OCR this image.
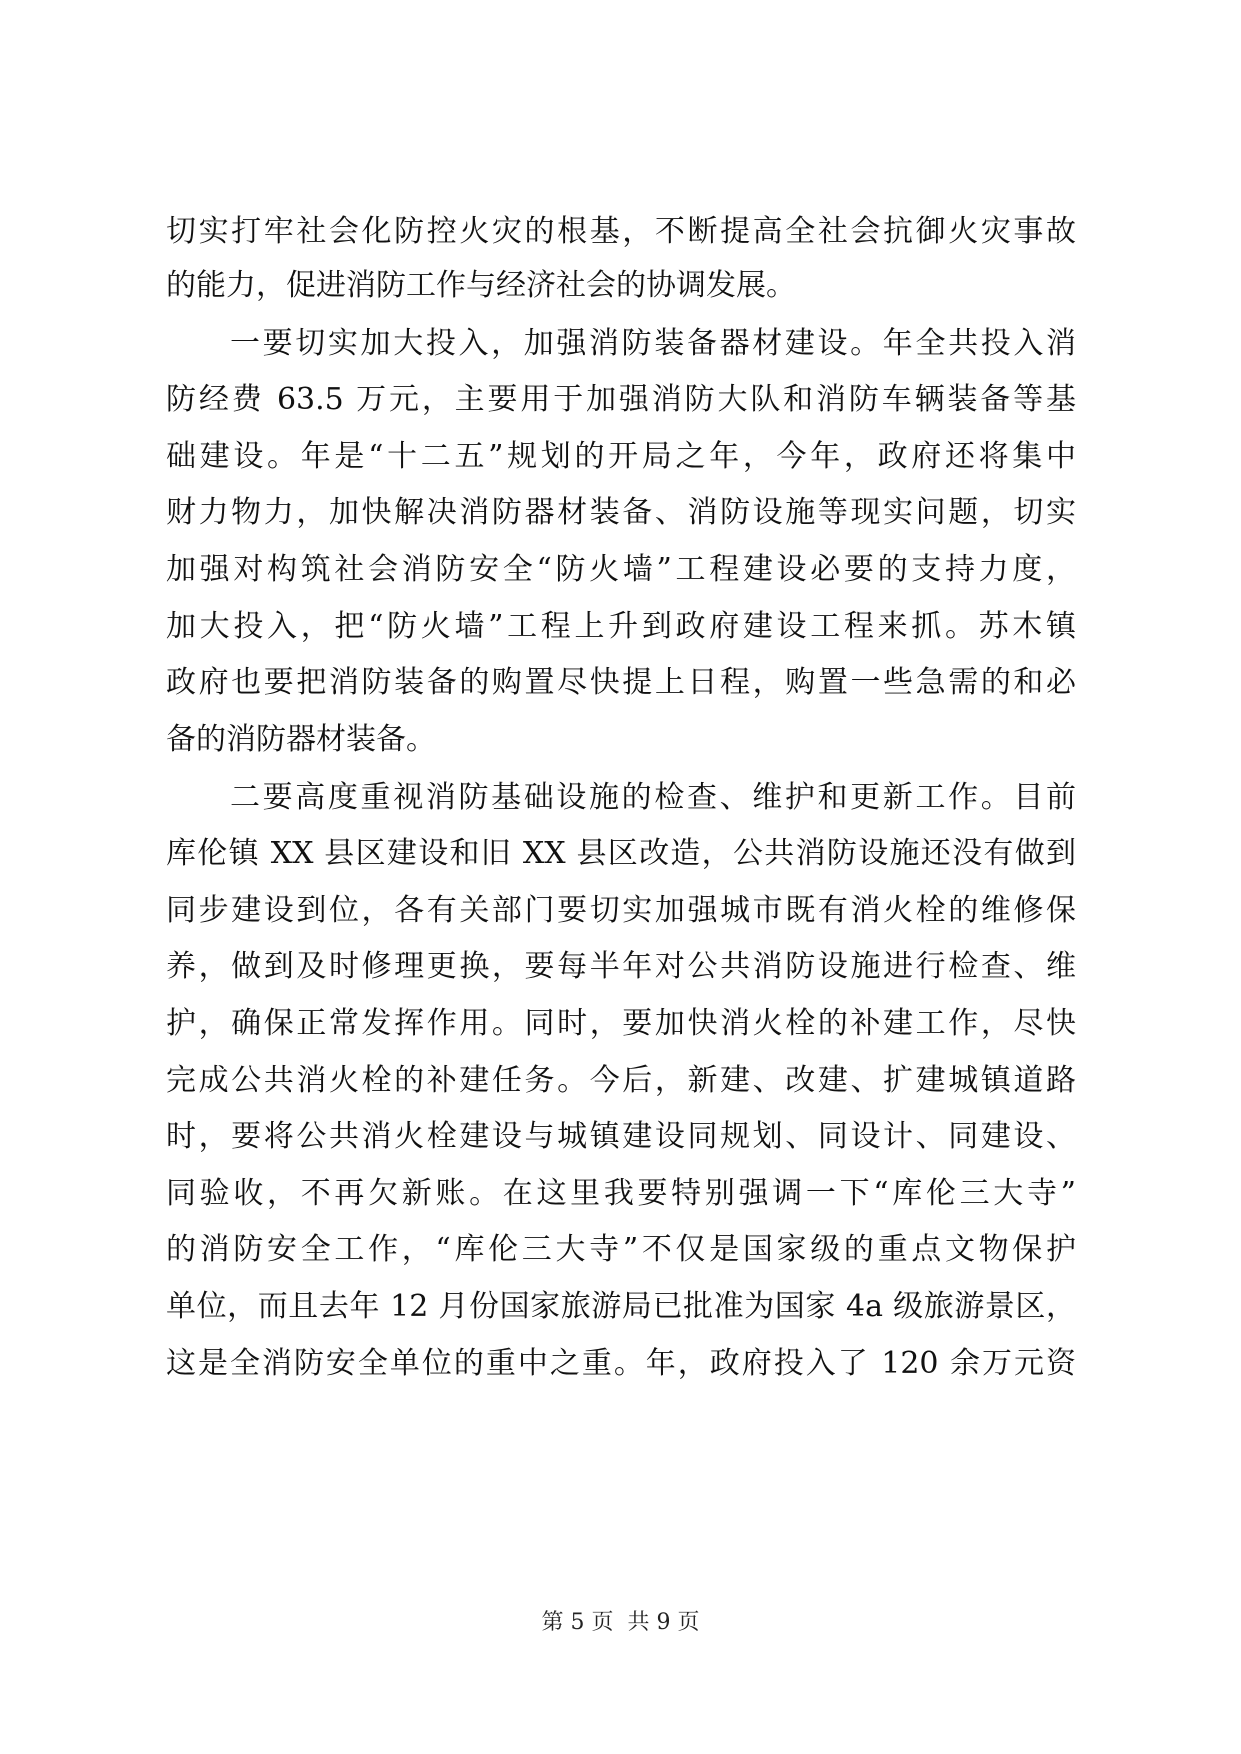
切实打牢社会化防控火灾的根基，不断提高全社会抗御火灾事故
的能力，促进消防工作与经济社会的协调发展。
一要切实加大投入，加强消防装备器材建设。年全共投入消
防经费 63.5 万元，主要用于加强消防大队和消防车辆装备等基
础建设。年是“十二五”规划的开局之年，今年，政府还将集中
财力物力，加快解决消防器材装备、消防设施等现实问题，切实
加强对构筑社会消防安全“防火墙”工程建设必要的支持力度，
加大投入，把“防火墙”工程上升到政府建设工程来抓。苏木镇
政府也要把消防装备的购置尽快提上日程，购置一些急需的和必
备的消防器材装备。
二要高度重视消防基础设施的检查、维护和更新工作。目前
库伦镇 XX 县区建设和旧 XX 县区改造，公共消防设施还没有做到
同步建设到位，各有关部门要切实加强城市既有消火栓的维修保
养，做到及时修理更换，要每半年对公共消防设施进行检查、维
护，确保正常发挥作用。同时，要加快消火栓的补建工作，尽快
完成公共消火栓的补建任务。今后，新建、改建、扩建城镇道路
时，要将公共消火栓建设与城镇建设同规划、同设计、同建设、
同验收，不再欠新账。在这里我要特别强调一下“库伦三大寺”
的消防安全工作，“库伦三大寺”不仅是国家级的重点文物保护
单位，而且去年 12 月份国家旅游局已批准为国家 4a 级旅游景区，
这是全消防安全单位的重中之重。年，政府投入了 120 余万元资
第 5 页  共 9 页
